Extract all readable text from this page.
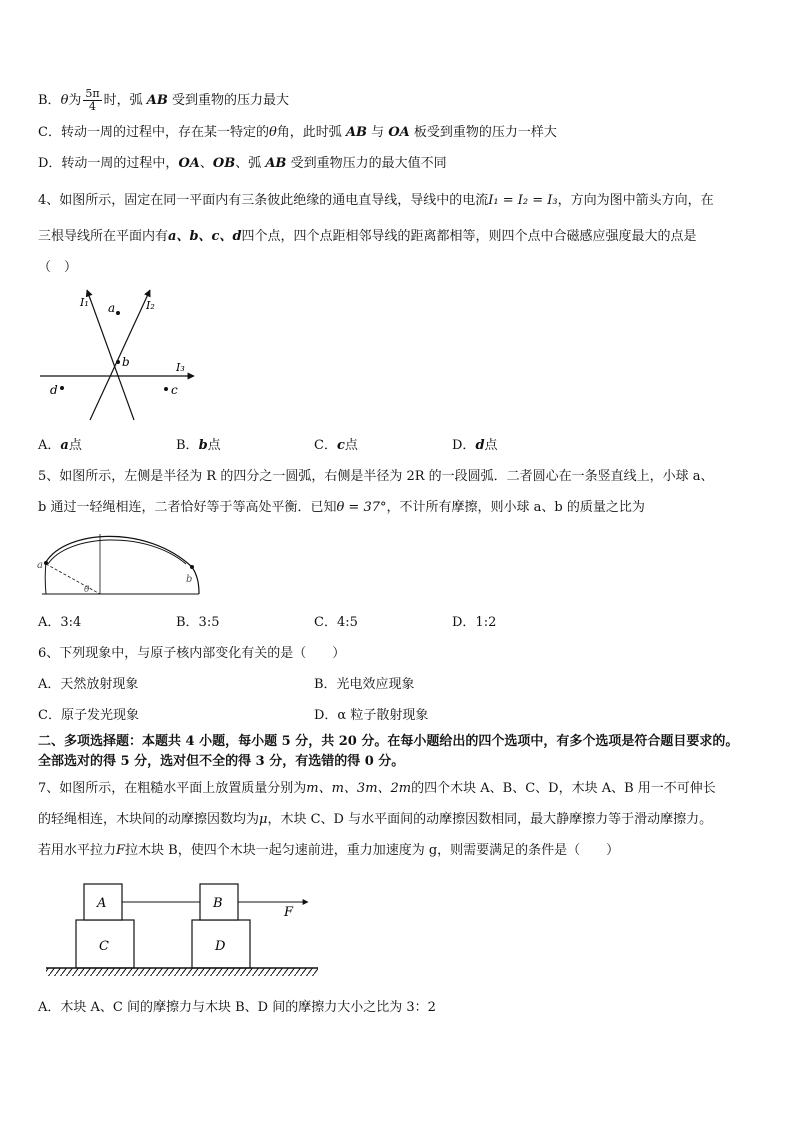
B．θ为 $\frac{5\pi}{4}$ 时，弧 AB 受到重物的压力最大
C．转动一周的过程中，存在某一特定的θ角，此时弧 AB 与 OA 板受到重物的压力一样大
D．转动一周的过程中，OA、OB、弧 AB 受到重物压力的最大值不同
4、如图所示，固定在同一平面内有三条彼此绝缘的通电直导线，导线中的电流I₁ = I₂ = I₃，方向为图中箭头方向，在
三根导线所在平面内有a、b、c、d四个点，四个点距相邻导线的距离都相等，则四个点中合磁感应强度最大的点是
（　）
I₁	I₂
I₃
a
b
c
d
A．a点	B．b点	C．c点	D．d点
5、如图所示，左侧是半径为 R 的四分之一圆弧，右侧是半径为 2R 的一段圆弧．二者圆心在一条竖直线上，小球 a、
b 通过一轻绳相连，二者恰好等于等高处平衡．已知θ = 37°，不计所有摩擦，则小球 a、b 的质量之比为
a
b
θ
A．3:4	B．3:5	C．4:5	D．1:2
6、下列现象中，与原子核内部变化有关的是（　　）
A．天然放射现象	B．光电效应现象
C．原子发光现象	D．α 粒子散射现象
二、多项选择题：本题共 4 小题，每小题 5 分，共 20 分。在每小题给出的四个选项中，有多个选项是符合题目要求的。
全部选对的得 5 分，选对但不全的得 3 分，有选错的得 0 分。
7、如图所示，在粗糙水平面上放置质量分别为m、m、3m、2m的四个木块 A、B、C、D，木块 A、B 用一不可伸长
的轻绳相连，木块间的动摩擦因数均为μ，木块 C、D 与水平面间的动摩擦因数相同，最大静摩擦力等于滑动摩擦力。
若用水平拉力F拉木块 B，使四个木块一起匀速前进，重力加速度为 g，则需要满足的条件是（　　）
A	B
C	D
F
A．木块 A、C 间的摩擦力与木块 B、D 间的摩擦力大小之比为 3：2
